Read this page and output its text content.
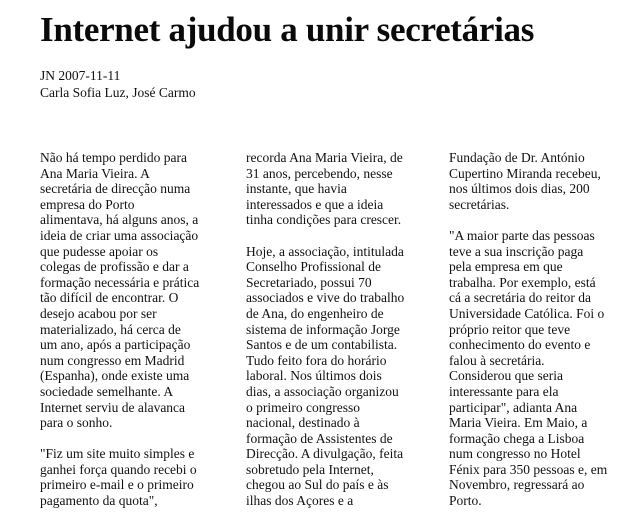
Internet ajudou a unir secretárias
JN 2007-11-11
Carla Sofia Luz, José Carmo
Não há tempo perdido para
Ana Maria Vieira. A
secretária de direcção numa
empresa do Porto
alimentava, há alguns anos, a
ideia de criar uma associação
que pudesse apoiar os
colegas de profissão e dar a
formação necessária e prática
tão difícil de encontrar. O
desejo acabou por ser
materializado, há cerca de
um ano, após a participação
num congresso em Madrid
(Espanha), onde existe uma
sociedade semelhante. A
Internet serviu de alavanca
para o sonho.
"Fiz um site muito simples e
ganhei força quando recebi o
primeiro e-mail e o primeiro
pagamento da quota",
recorda Ana Maria Vieira, de
31 anos, percebendo, nesse
instante, que havia
interessados e que a ideia
tinha condições para crescer.
Hoje, a associação, intitulada
Conselho Profissional de
Secretariado, possui 70
associados e vive do trabalho
de Ana, do engenheiro de
sistema de informação Jorge
Santos e de um contabilista.
Tudo feito fora do horário
laboral. Nos últimos dois
dias, a associação organizou
o primeiro congresso
nacional, destinado à
formação de Assistentes de
Direcção. A divulgação, feita
sobretudo pela Internet,
chegou ao Sul do país e às
ilhas dos Açores e a
Fundação de Dr. António
Cupertino Miranda recebeu,
nos últimos dois dias, 200
secretárias.
"A maior parte das pessoas
teve a sua inscrição paga
pela empresa em que
trabalha. Por exemplo, está
cá a secretária do reitor da
Universidade Católica. Foi o
próprio reitor que teve
conhecimento do evento e
falou à secretária.
Considerou que seria
interessante para ela
participar", adianta Ana
Maria Vieira. Em Maio, a
formação chega a Lisboa
num congresso no Hotel
Fénix para 350 pessoas e, em
Novembro, regressará ao
Porto.
